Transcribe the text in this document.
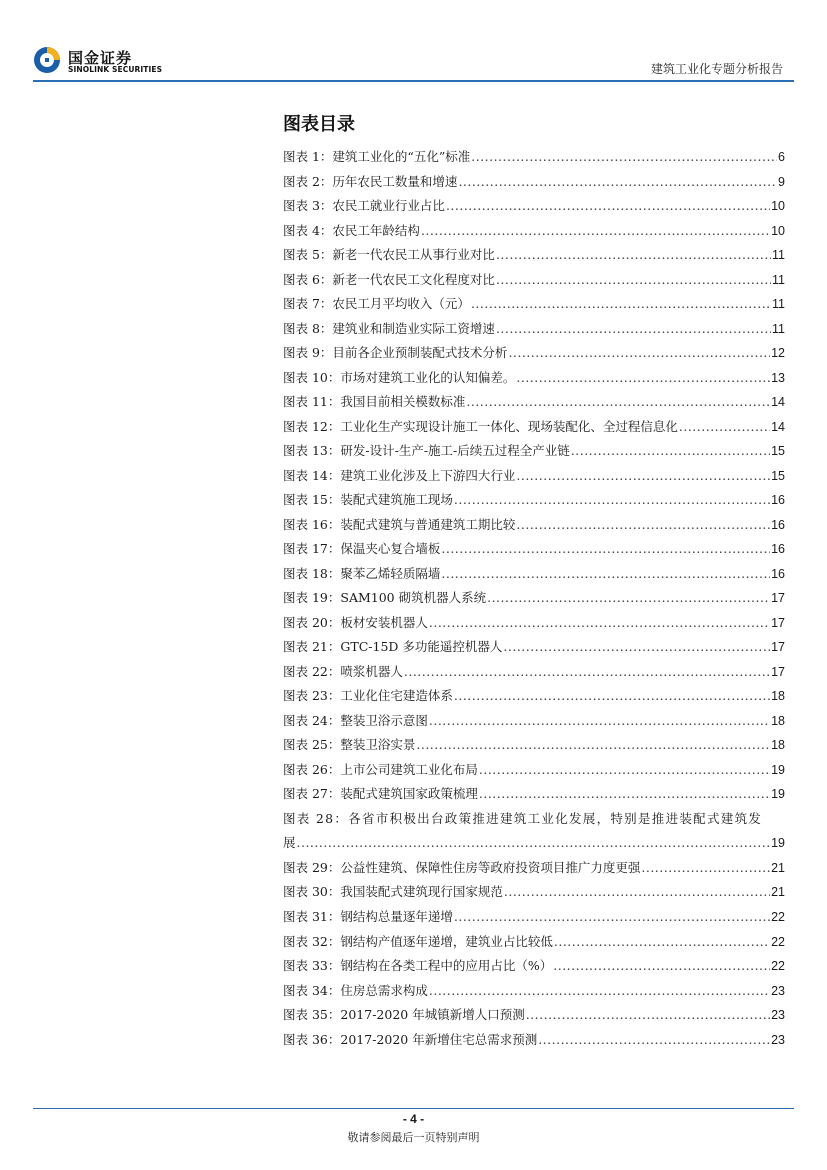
国金证券
SINOLINK SECURITIES	建筑工业化专题分析报告
图表目录
图表 1：建筑工业化的“五化”标准 .....	6
图表 2：历年农民工数量和增速 .....	9
图表 3：农民工就业行业占比 .....	10
图表 4：农民工年龄结构 .....	10
图表 5：新老一代农民工从事行业对比 .....	11
图表 6：新老一代农民工文化程度对比 .....	11
图表 7：农民工月平均收入（元） .....	11
图表 8：建筑业和制造业实际工资增速 .....	11
图表 9：目前各企业预制装配式技术分析 .....	12
图表 10：市场对建筑工业化的认知偏差。 .....	13
图表 11：我国目前相关模数标准 .....	14
图表 12：工业化生产实现设计施工一体化、现场装配化、全过程信息化 .....	14
图表 13：研发-设计-生产-施工-后续五过程全产业链 .....	15
图表 14：建筑工业化涉及上下游四大行业 .....	15
图表 15：装配式建筑施工现场 .....	16
图表 16：装配式建筑与普通建筑工期比较 .....	16
图表 17：保温夹心复合墙板 .....	16
图表 18：聚苯乙烯轻质隔墙 .....	16
图表 19：SAM100 砌筑机器人系统 .....	17
图表 20：板材安装机器人 .....	17
图表 21：GTC-15D 多功能遥控机器人 .....	17
图表 22：喷浆机器人 .....	17
图表 23：工业化住宅建造体系 .....	18
图表 24：整装卫浴示意图 .....	18
图表 25：整装卫浴实景 .....	18
图表 26：上市公司建筑工业化布局 .....	19
图表 27：装配式建筑国家政策梳理 .....	19
图表 28：各省市积极出台政策推进建筑工业化发展，特别是推进装配式建筑发
展 .....	19
图表 29：公益性建筑、保障性住房等政府投资项目推广力度更强 .....	21
图表 30：我国装配式建筑现行国家规范 .....	21
图表 31：钢结构总量逐年递增 .....	22
图表 32：钢结构产值逐年递增，建筑业占比较低 .....	22
图表 33：钢结构在各类工程中的应用占比（%） .....	22
图表 34：住房总需求构成 .....	23
图表 35：2017-2020 年城镇新增人口预测 .....	23
图表 36：2017-2020 年新增住宅总需求预测 .....	23
- 4 -
敬请参阅最后一页特别声明
